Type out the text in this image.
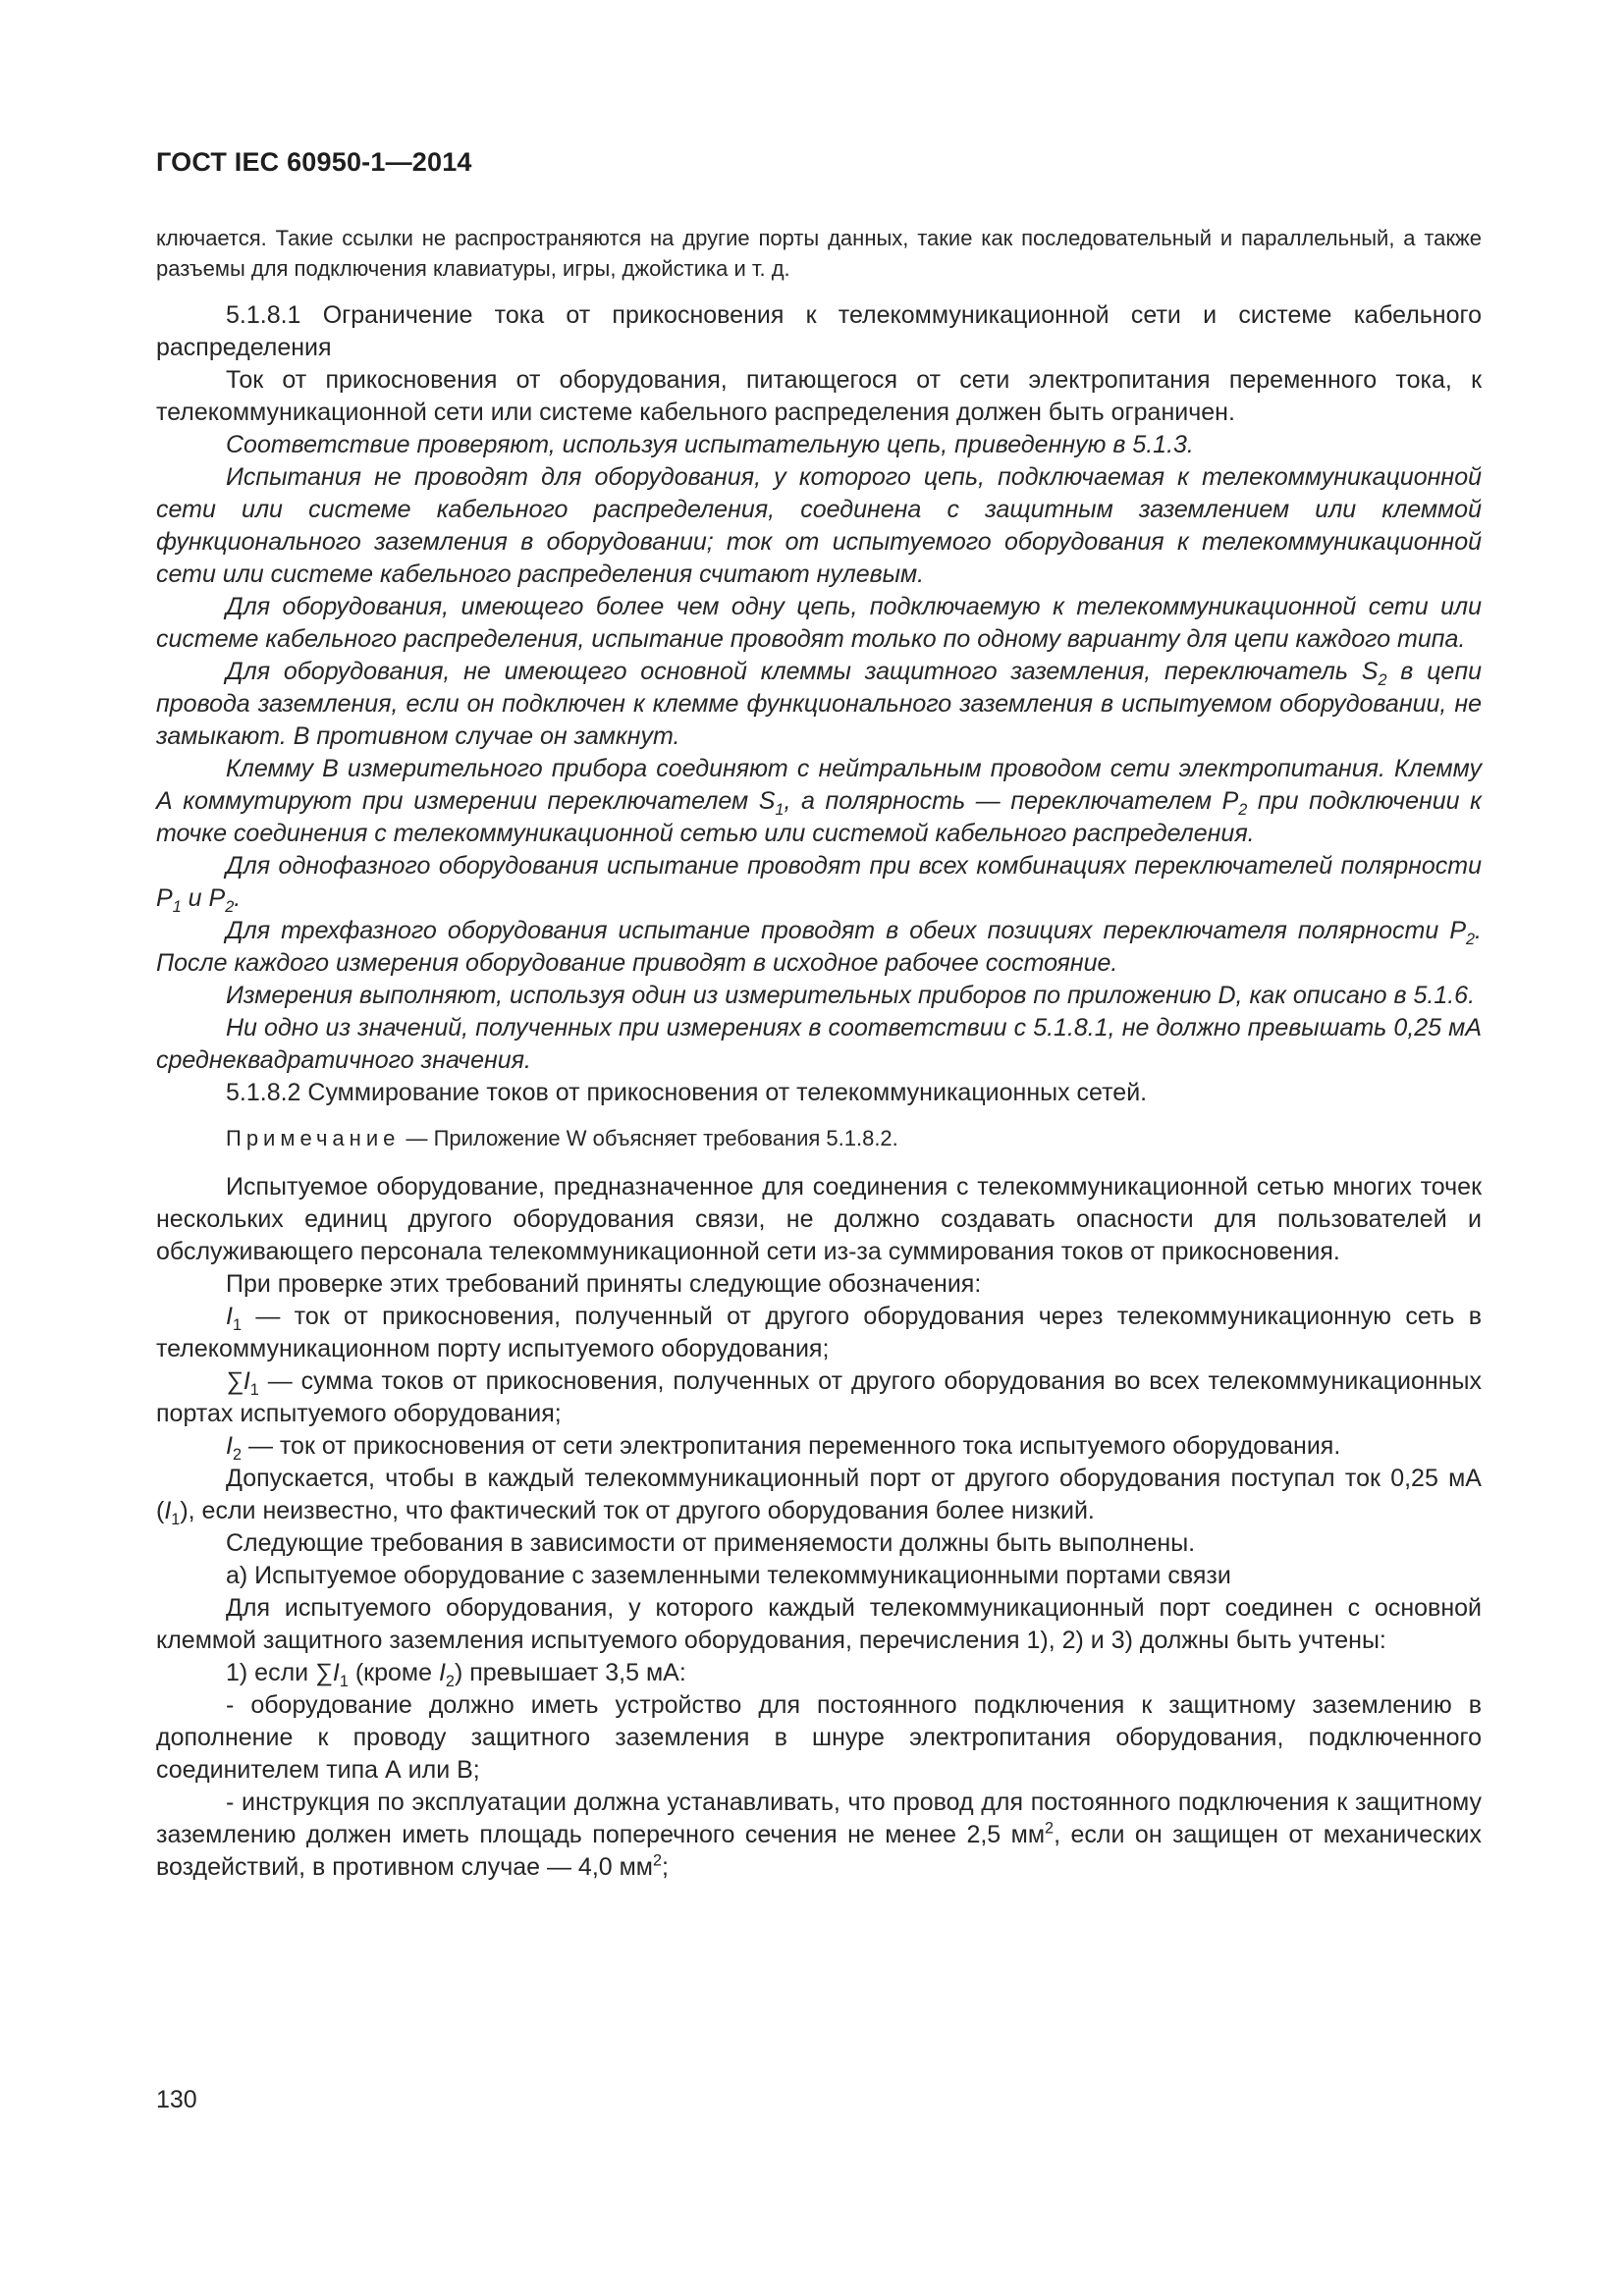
ГОСТ IEC 60950-1—2014

ключается. Такие ссылки не распространяются на другие порты данных, такие как последовательный и параллельный, а также разъемы для подключения клавиатуры, игры, джойстика и т. д.

5.1.8.1 Ограничение тока от прикосновения к телекоммуникационной сети и системе кабельного распределения

Ток от прикосновения от оборудования, питающегося от сети электропитания переменного тока, к телекоммуникационной сети или системе кабельного распределения должен быть ограничен.

Соответствие проверяют, используя испытательную цепь, приведенную в 5.1.3.

Испытания не проводят для оборудования, у которого цепь, подключаемая к телекоммуникационной сети или системе кабельного распределения, соединена с защитным заземлением или клеммой функционального заземления в оборудовании; ток от испытуемого оборудования к телекоммуникационной сети или системе кабельного распределения считают нулевым.

Для оборудования, имеющего более чем одну цепь, подключаемую к телекоммуникационной сети или системе кабельного распределения, испытание проводят только по одному варианту для цепи каждого типа.

Для оборудования, не имеющего основной клеммы защитного заземления, переключатель $S_2$ в цепи провода заземления, если он подключен к клемме функционального заземления в испытуемом оборудовании, не замыкают. В противном случае он замкнут.

Клемму В измерительного прибора соединяют с нейтральным проводом сети электропитания. Клемму А коммутируют при измерении переключателем $S_1$, а полярность — переключателем $P_2$ при подключении к точке соединения с телекоммуникационной сетью или системой кабельного распределения.

Для однофазного оборудования испытание проводят при всех комбинациях переключателей полярности $P_1$ и $P_2$.

Для трехфазного оборудования испытание проводят в обеих позициях переключателя полярности $P_2$. После каждого измерения оборудование приводят в исходное рабочее состояние.

Измерения выполняют, используя один из измерительных приборов по приложению D, как описано в 5.1.6.

Ни одно из значений, полученных при измерениях в соответствии с 5.1.8.1, не должно превышать 0,25 мА среднеквадратичного значения.

5.1.8.2 Суммирование токов от прикосновения от телекоммуникационных сетей.

Примечание — Приложение W объясняет требования 5.1.8.2.

Испытуемое оборудование, предназначенное для соединения с телекоммуникационной сетью многих точек нескольких единиц другого оборудования связи, не должно создавать опасности для пользователей и обслуживающего персонала телекоммуникационной сети из-за суммирования токов от прикосновения.

При проверке этих требований приняты следующие обозначения:

$I_1$ — ток от прикосновения, полученный от другого оборудования через телекоммуникационную сеть в телекоммуникационном порту испытуемого оборудования;

$\sum I_1$ — сумма токов от прикосновения, полученных от другого оборудования во всех телекоммуникационных портах испытуемого оборудования;

$I_2$ — ток от прикосновения от сети электропитания переменного тока испытуемого оборудования.

Допускается, чтобы в каждый телекоммуникационный порт от другого оборудования поступал ток 0,25 мА $(I_1)$, если неизвестно, что фактический ток от другого оборудования более низкий.

Следующие требования в зависимости от применяемости должны быть выполнены.

а) Испытуемое оборудование с заземленными телекоммуникационными портами связи

Для испытуемого оборудования, у которого каждый телекоммуникационный порт соединен с основной клеммой защитного заземления испытуемого оборудования, перечисления 1), 2) и 3) должны быть учтены:

1) если $\sum I_1$ (кроме $I_2$) превышает 3,5 мА:

- оборудование должно иметь устройство для постоянного подключения к защитному заземлению в дополнение к проводу защитного заземления в шнуре электропитания оборудования, подключенного соединителем типа А или В;

- инструкция по эксплуатации должна устанавливать, что провод для постоянного подключения к защитному заземлению должен иметь площадь поперечного сечения не менее 2,5 $мм^2$, если он защищен от механических воздействий, в противном случае — 4,0 $мм^2$;

130
